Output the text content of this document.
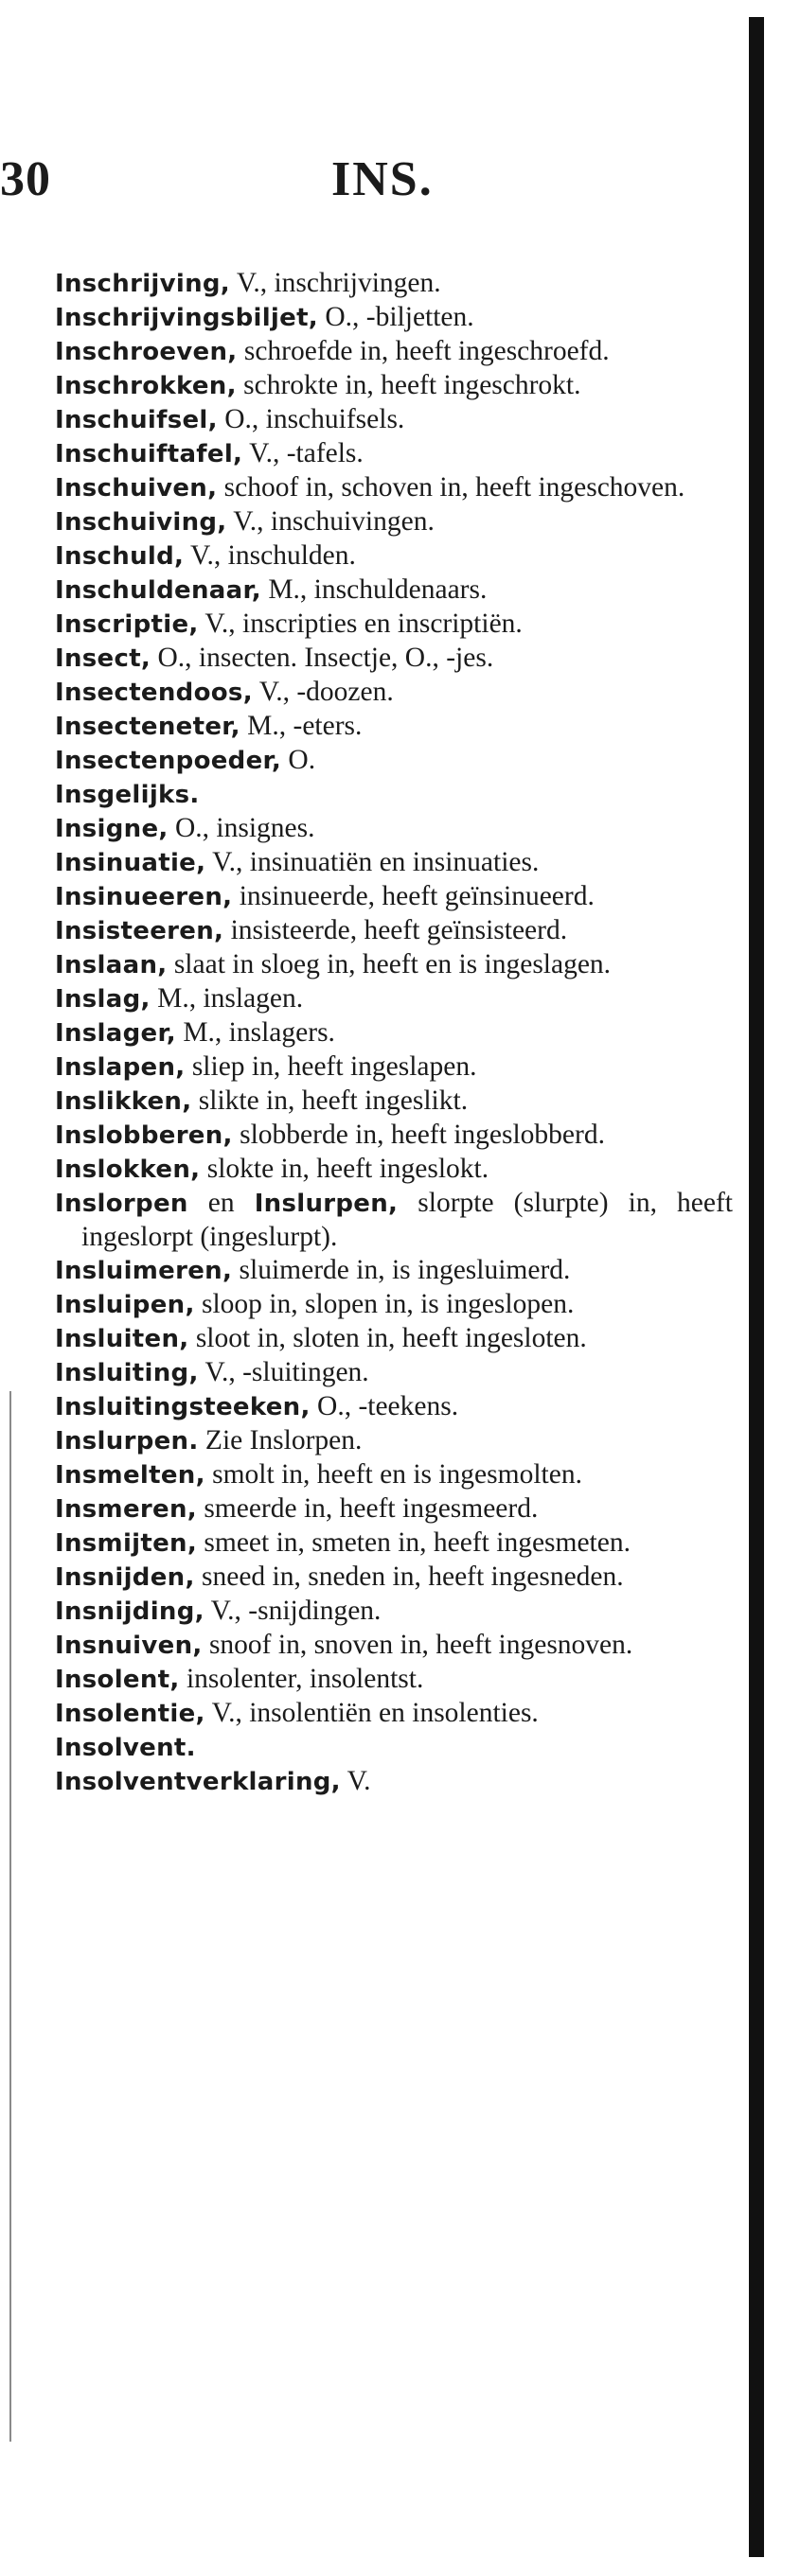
30	INS.

Inschrijving, V., inschrijvingen.

Inschrijvingsbiljet, O., -biljetten.

Inschroeven, schroefde in, heeft ingeschroefd.

Inschrokken, schrokte in, heeft ingeschrokt.

Inschuifsel, O., inschuifsels.

Inschuiftafel, V., -tafels.

Inschuiven, schoof in, schoven in, heeft ingeschoven.

Inschuiving, V., inschuivingen.

Inschuld, V., inschulden.

Inschuldenaar, M., inschuldenaars.

Inscriptie, V., inscripties en inscriptiën.

Insect, O., insecten. Insectje, O., -jes.

Insectendoos, V., -doozen.

Insecteneter, M., -eters.

Insectenpoeder, O.

Insgelijks.

Insigne, O., insignes.

Insinuatie, V., insinuatiën en insinuaties.

Insinueeren, insinueerde, heeft geïnsinueerd.

Insisteeren, insisteerde, heeft geïnsisteerd.

Inslaan, slaat in sloeg in, heeft en is ingeslagen.

Inslag, M., inslagen.

Inslager, M., inslagers.

Inslapen, sliep in, heeft ingeslapen.

Inslikken, slikte in, heeft ingeslikt.

Inslobberen, slobberde in, heeft ingeslobberd.

Inslokken, slokte in, heeft ingeslokt.

Inslorpen en Inslurpen, slorpte (slurpte) in, heeft ingeslorpt (ingeslurpt).

Insluimeren, sluimerde in, is ingesluimerd.

Insluipen, sloop in, slopen in, is ingeslopen.

Insluiten, sloot in, sloten in, heeft ingesloten.

Insluiting, V., -sluitingen.

Insluitingsteeken, O., -teekens.

Inslurpen. Zie Inslorpen.

Insmelten, smolt in, heeft en is ingesmolten.

Insmeren, smeerde in, heeft ingesmeerd.

Insmijten, smeet in, smeten in, heeft ingesmeten.

Insnijden, sneed in, sneden in, heeft ingesneden.

Insnijding, V., -snijdingen.

Insnuiven, snoof in, snoven in, heeft ingesnoven.

Insolent, insolenter, insolentst.

Insolentie, V., insolentiën en insolenties.

Insolvent.

Insolventverklaring, V.
